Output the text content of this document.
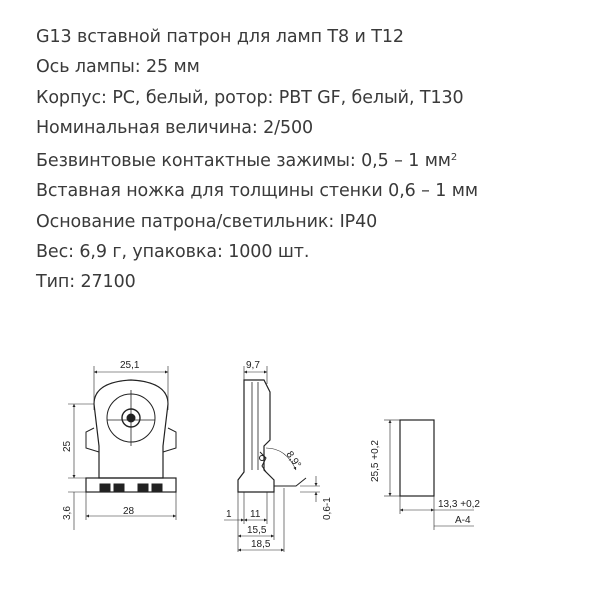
G13 вставной патрон для ламп T8 и T12
Ось лампы: 25 мм
Корпус: PC, белый, ротор: PBT GF, белый, T130
Номинальная величина: 2/500
Безвинтовые контактные зажимы: 0,5 – 1 $мм^2$
Вставная ножка для толщины стенки 0,6 – 1 мм
Основание патрона/светильник: IP40
Вес: 6,9 г, упаковка: 1000 шт.
Тип: 27100
25,1
25
3,6	28
9,7
8,9°
0,6-1
1 11
15,5
18,5
25,5 +0,2
13,3 +0,2
A-4
